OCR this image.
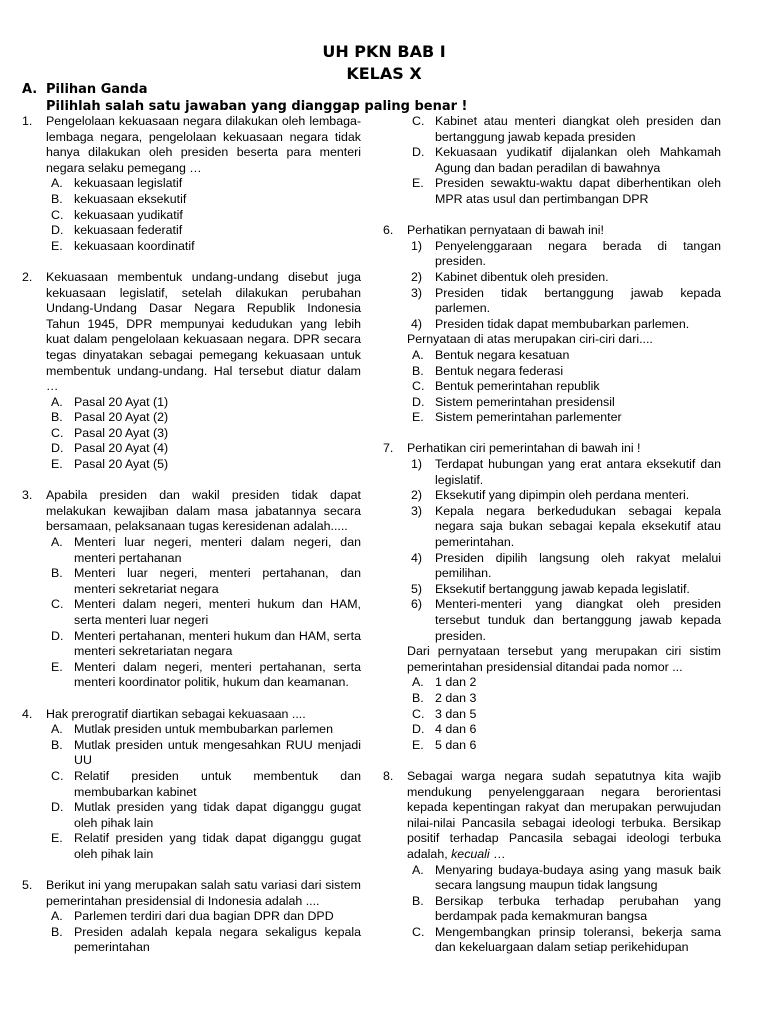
UH PKN BAB I
KELAS X
A. Pilihan Ganda
Pilihlah salah satu jawaban yang dianggap paling benar !
1. Pengelolaan kekuasaan negara dilakukan oleh lembaga-lembaga negara, pengelolaan kekuasaan negara tidak hanya dilakukan oleh presiden beserta para menteri negara selaku pemegang …
A. kekuasaan legislatif
B. kekuasaan eksekutif
C. kekuasaan yudikatif
D. kekuasaan federatif
E. kekuasaan koordinatif
2. Kekuasaan membentuk undang-undang disebut juga kekuasaan legislatif, setelah dilakukan perubahan Undang-Undang Dasar Negara Republik Indonesia Tahun 1945, DPR mempunyai kedudukan yang lebih kuat dalam pengelolaan kekuasaan negara. DPR secara tegas dinyatakan sebagai pemegang kekuasaan untuk membentuk undang-undang. Hal tersebut diatur dalam …
A. Pasal 20 Ayat (1)
B. Pasal 20 Ayat (2)
C. Pasal 20 Ayat (3)
D. Pasal 20 Ayat (4)
E. Pasal 20 Ayat (5)
3. Apabila presiden dan wakil presiden tidak dapat melakukan kewajiban dalam masa jabatannya secara bersamaan, pelaksanaan tugas keresidenan adalah.....
A. Menteri luar negeri, menteri dalam negeri, dan menteri pertahanan
B. Menteri luar negeri, menteri pertahanan, dan menteri sekretariat negara
C. Menteri dalam negeri, menteri hukum dan HAM, serta menteri luar negeri
D. Menteri pertahanan, menteri hukum dan HAM, serta menteri sekretariatan negara
E. Menteri dalam negeri, menteri pertahanan, serta menteri koordinator politik, hukum dan keamanan.
4. Hak prerogratif diartikan sebagai kekuasaan ....
A. Mutlak presiden untuk membubarkan parlemen
B. Mutlak presiden untuk mengesahkan RUU menjadi UU
C. Relatif presiden untuk membentuk dan membubarkan kabinet
D. Mutlak presiden yang tidak dapat diganggu gugat oleh pihak lain
E. Relatif presiden yang tidak dapat diganggu gugat oleh pihak lain
5. Berikut ini yang merupakan salah satu variasi dari sistem pemerintahan presidensial di Indonesia adalah ....
A. Parlemen terdiri dari dua bagian DPR dan DPD
B. Presiden adalah kepala negara sekaligus kepala pemerintahan
C. Kabinet atau menteri diangkat oleh presiden dan bertanggung jawab kepada presiden
D. Kekuasaan yudikatif dijalankan oleh Mahkamah Agung dan badan peradilan di bawahnya
E. Presiden sewaktu-waktu dapat diberhentikan oleh MPR atas usul dan pertimbangan DPR
6. Perhatikan pernyataan di bawah ini!
1) Penyelenggaraan negara berada di tangan presiden.
2) Kabinet dibentuk oleh presiden.
3) Presiden tidak bertanggung jawab kepada parlemen.
4) Presiden tidak dapat membubarkan parlemen.
Pernyataan di atas merupakan ciri-ciri dari....
A. Bentuk negara kesatuan
B. Bentuk negara federasi
C. Bentuk pemerintahan republik
D. Sistem pemerintahan presidensil
E. Sistem pemerintahan parlementer
7. Perhatikan ciri pemerintahan di bawah ini !
1) Terdapat hubungan yang erat antara eksekutif dan legislatif.
2) Eksekutif yang dipimpin oleh perdana menteri.
3) Kepala negara berkedudukan sebagai kepala negara saja bukan sebagai kepala eksekutif atau pemerintahan.
4) Presiden dipilih langsung oleh rakyat melalui pemilihan.
5) Eksekutif bertanggung jawab kepada legislatif.
6) Menteri-menteri yang diangkat oleh presiden tersebut tunduk dan bertanggung jawab kepada presiden.
Dari pernyataan tersebut yang merupakan ciri sistim pemerintahan presidensial ditandai pada nomor ...
A. 1 dan 2
B. 2 dan 3
C. 3 dan 5
D. 4 dan 6
E. 5 dan 6
8. Sebagai warga negara sudah sepatutnya kita wajib mendukung penyelenggaraan negara berorientasi kepada kepentingan rakyat dan merupakan perwujudan nilai-nilai Pancasila sebagai ideologi terbuka. Bersikap positif terhadap Pancasila sebagai ideologi terbuka adalah, kecuali …
A. Menyaring budaya-budaya asing yang masuk baik secara langsung maupun tidak langsung
B. Bersikap terbuka terhadap perubahan yang berdampak pada kemakmuran bangsa
C. Mengembangkan prinsip toleransi, bekerja sama dan kekeluargaan dalam setiap perikehidupan
